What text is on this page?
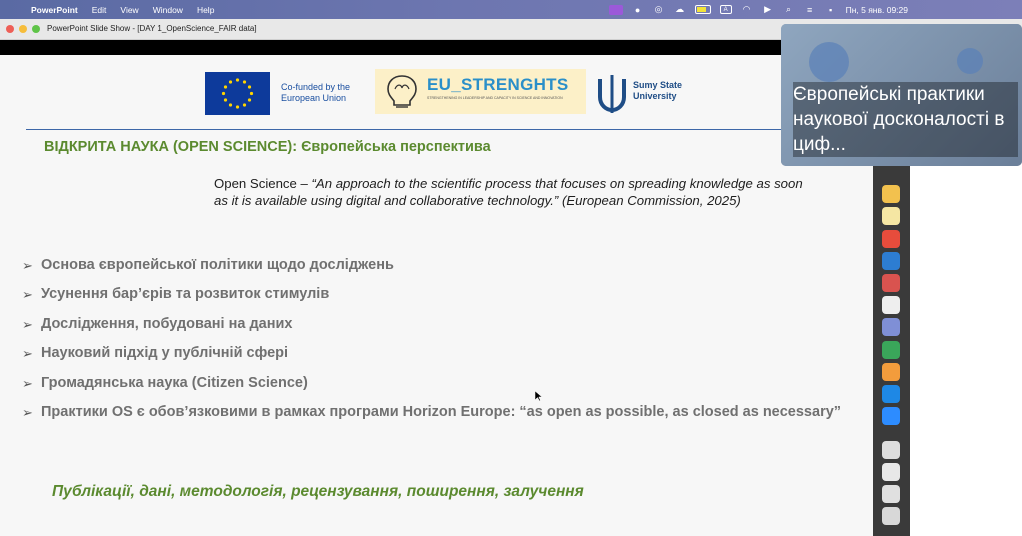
PowerPoint Edit View Window Help	●	◎ ☁	A	◠ ▶	⌕	≡	▪	Пн, 5 янв. 09:29
PowerPoint Slide Show - [DAY 1_OpenScience_FAIR data]
Co-funded by the European Union
EU_STRENGHTS
STRENGTHENING IN LEADERSHIP AND CAPACITY IN SCIENCE AND INNOVATION
Sumy State University
ВІДКРИТА НАУКА (OPEN SCIENCE): Європейська перспектива
Open Science – “An approach to the scientific process that focuses on spreading knowledge as soon as it is available using digital and collaborative technology.” (European Commission, 2025)
➢ Основа європейської політики щодо досліджень
➢ Усунення бар’єрів та розвиток стимулів
➢ Дослідження, побудовані на даних
➢ Науковий підхід у публічній сфері
➢ Громадянська наука (Citizen Science)
➢ Практики OS є обов’язковими в рамках програми Horizon Europe: “as open as possible, as closed as necessary”
Публікації, дані, методологія, рецензування, поширення, залучення
Європейські практики наукової досконалості в циф...
